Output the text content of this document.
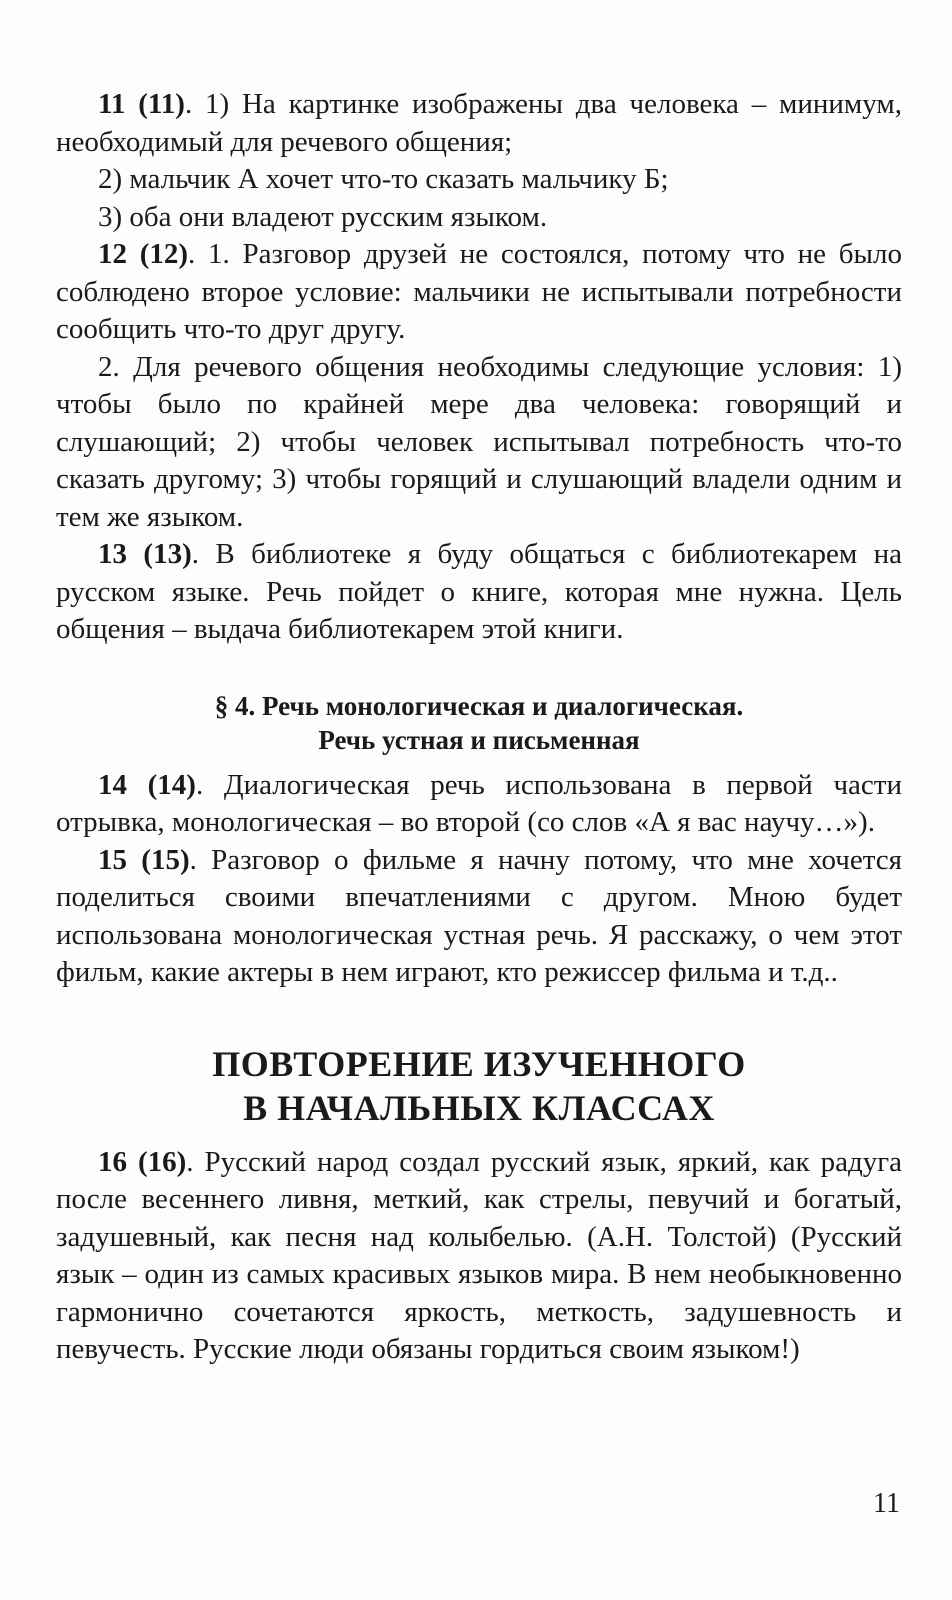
11 (11). 1) На картинке изображены два человека – минимум, необходимый для речевого общения;

2) мальчик А хочет что-то сказать мальчику Б;

3) оба они владеют русским языком.

12 (12). 1. Разговор друзей не состоялся, потому что не было соблюдено второе условие: мальчики не испытывали потребности сообщить что-то друг другу.

2. Для речевого общения необходимы следующие условия: 1) чтобы было по крайней мере два человека: говорящий и слушающий; 2) чтобы человек испытывал потребность что-то сказать другому; 3) чтобы горящий и слушающий владели одним и тем же языком.

13 (13). В библиотеке я буду общаться с библиотекарем на русском языке. Речь пойдет о книге, которая мне нужна. Цель общения – выдача библиотекарем этой книги.

§ 4. Речь монологическая и диалогическая.
Речь устная и письменная

14 (14). Диалогическая речь использована в первой части отрывка, монологическая – во второй (со слов «А я вас научу…»).

15 (15). Разговор о фильме я начну потому, что мне хочется поделиться своими впечатлениями с другом. Мною будет использована монологическая устная речь. Я расскажу, о чем этот фильм, какие актеры в нем играют, кто режиссер фильма и т.д..

ПОВТОРЕНИЕ ИЗУЧЕННОГО
В НАЧАЛЬНЫХ КЛАССАХ

16 (16). Русский народ создал русский язык, яркий, как радуга после весеннего ливня, меткий, как стрелы, певучий и богатый, задушевный, как песня над колыбелью. (А.Н. Толстой) (Русский язык – один из самых красивых языков мира. В нем необыкновенно гармонично сочетаются яркость, меткость, задушевность и певучесть. Русские люди обязаны гордиться своим языком!)

11
